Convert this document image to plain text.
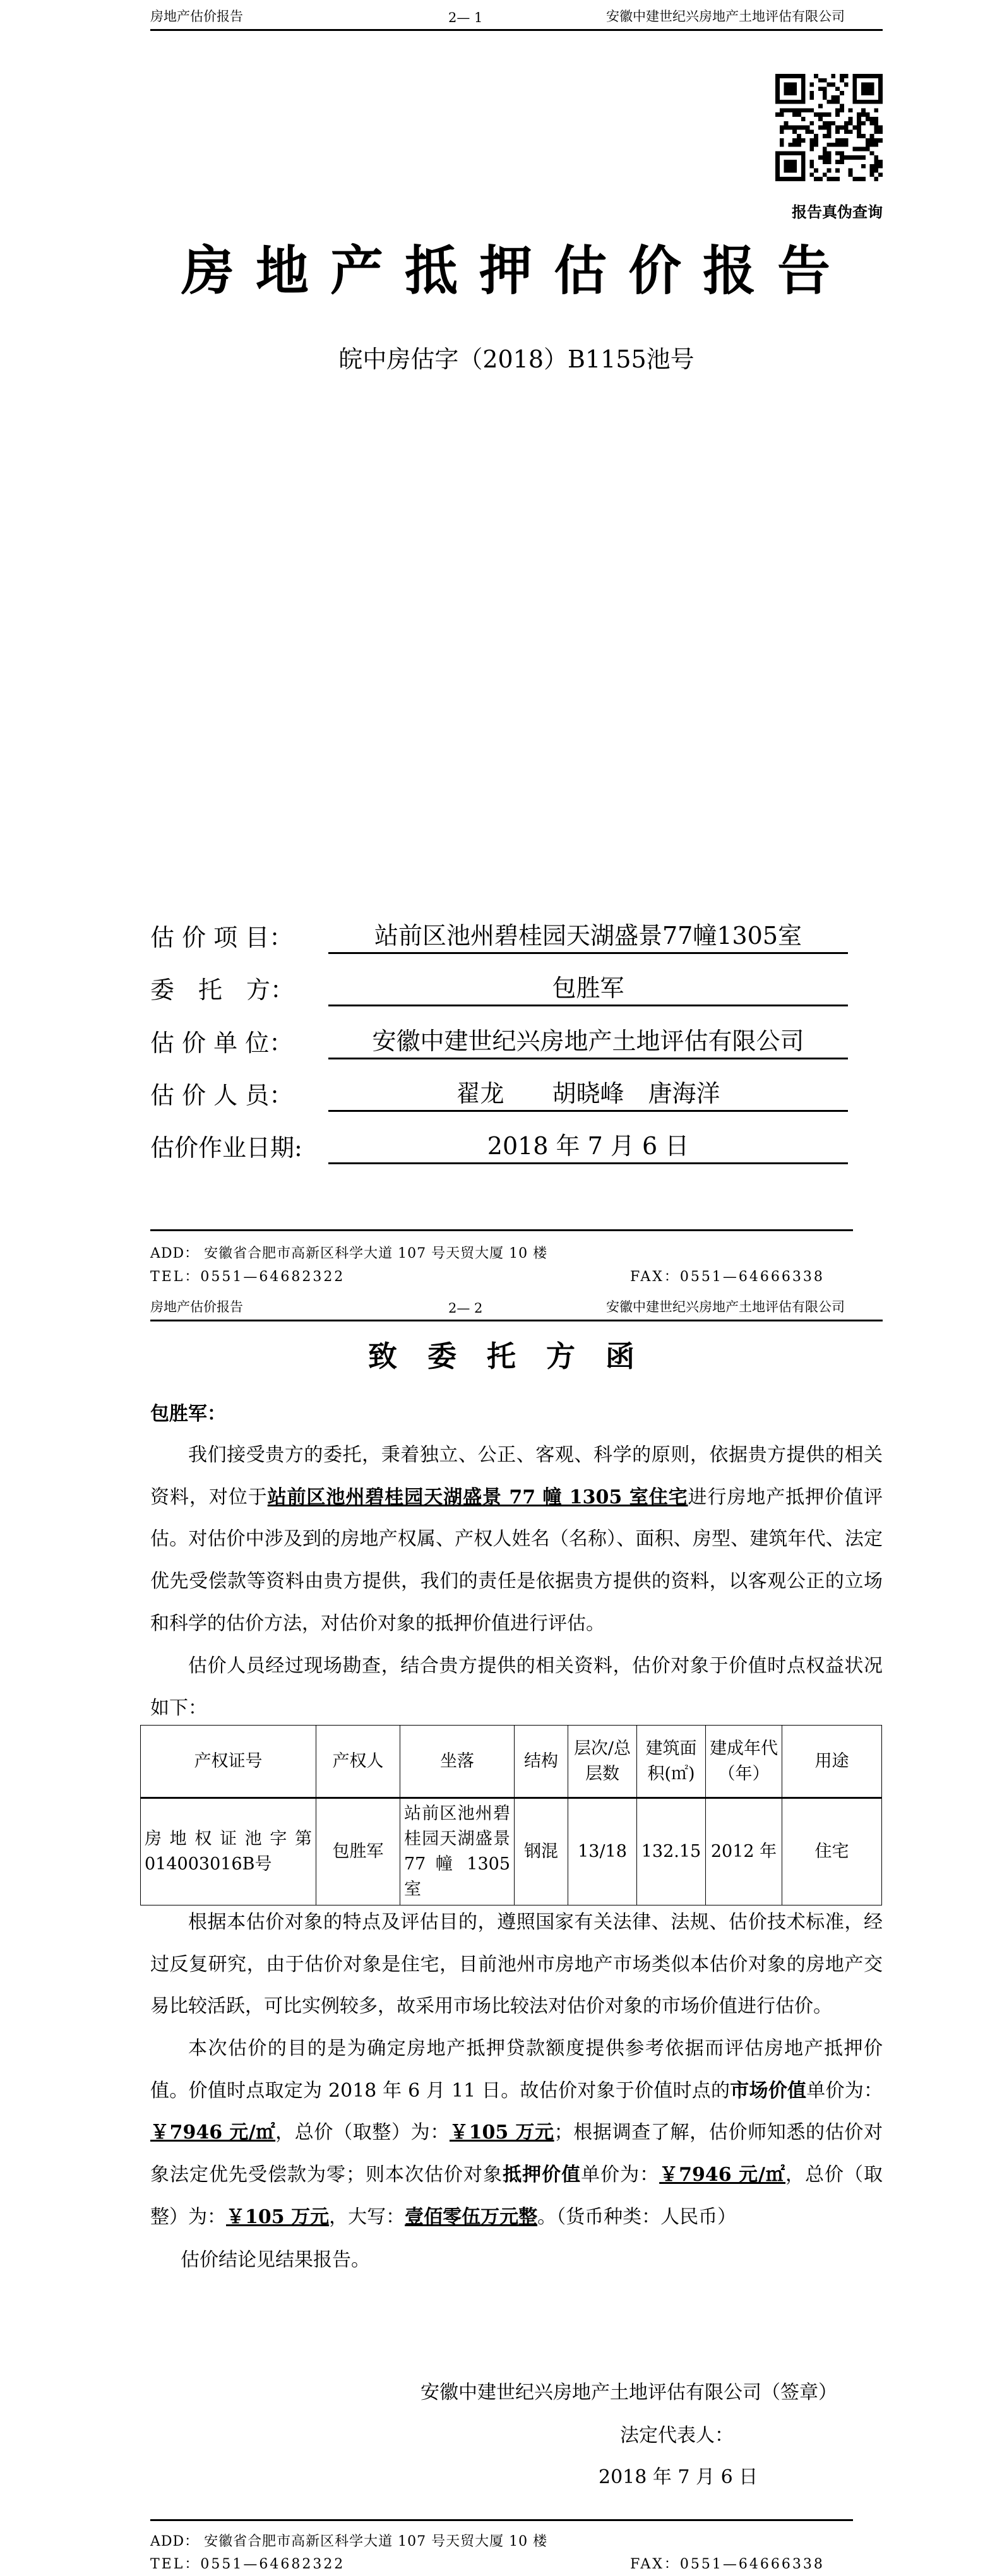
房地产估价报告	2— 1	安徽中建世纪兴房地产土地评估有限公司
报告真伪查询
房地产抵押估价报告
皖中房估字（2018）B1155池号
估 价 项 目：	站前区池州碧桂园天湖盛景77幢1305室
委　托　方：	包胜军
估 价 单 位：	安徽中建世纪兴房地产土地评估有限公司
估 价 人 员：	翟龙　　胡晓峰　唐海洋
估价作业日期:	2018 年 7 月 6 日
ADD： 安徽省合肥市高新区科学大道 107 号天贸大厦 10 楼
TEL：0551—64682322	FAX：0551—64666338
房地产估价报告	2— 2	安徽中建世纪兴房地产土地评估有限公司
致委托方函
包胜军：
我们接受贵方的委托，秉着独立、公正、客观、科学的原则，依据贵方提供的相关资料，对位于站前区池州碧桂园天湖盛景 77 幢 1305 室住宅进行房地产抵押价值评估。对估价中涉及到的房地产权属、产权人姓名（名称）、面积、房型、建筑年代、法定优先受偿款等资料由贵方提供，我们的责任是依据贵方提供的资料，以客观公正的立场和科学的估价方法，对估价对象的抵押价值进行评估。
估价人员经过现场勘查，结合贵方提供的相关资料，估价对象于价值时点权益状况如下：
产权证号	产权人	坐落	结构	层次/总层数	建筑面积(㎡)	建成年代（年）	用途
房地权证池字第014003016B号	包胜军	站前区池州碧桂园天湖盛景 77 幢 1305 室	钢混	13/18	132.15	2012 年	住宅
根据本估价对象的特点及评估目的，遵照国家有关法律、法规、估价技术标准，经过反复研究，由于估价对象是住宅，目前池州市房地产市场类似本估价对象的房地产交易比较活跃，可比实例较多，故采用市场比较法对估价对象的市场价值进行估价。
本次估价的目的是为确定房地产抵押贷款额度提供参考依据而评估房地产抵押价值。价值时点取定为 2018 年 6 月 11 日。故估价对象于价值时点的市场价值单价为：￥7946 元/㎡，总价（取整）为：￥105 万元；根据调查了解，估价师知悉的估价对象法定优先受偿款为零；则本次估价对象抵押价值单价为：￥7946 元/㎡，总价（取整）为：￥105 万元，大写：壹佰零伍万元整。（货币种类：人民币）
估价结论见结果报告。
安徽中建世纪兴房地产土地评估有限公司（签章）
法定代表人：
2018 年 7 月 6 日
ADD： 安徽省合肥市高新区科学大道 107 号天贸大厦 10 楼
TEL：0551—64682322	FAX：0551—64666338
